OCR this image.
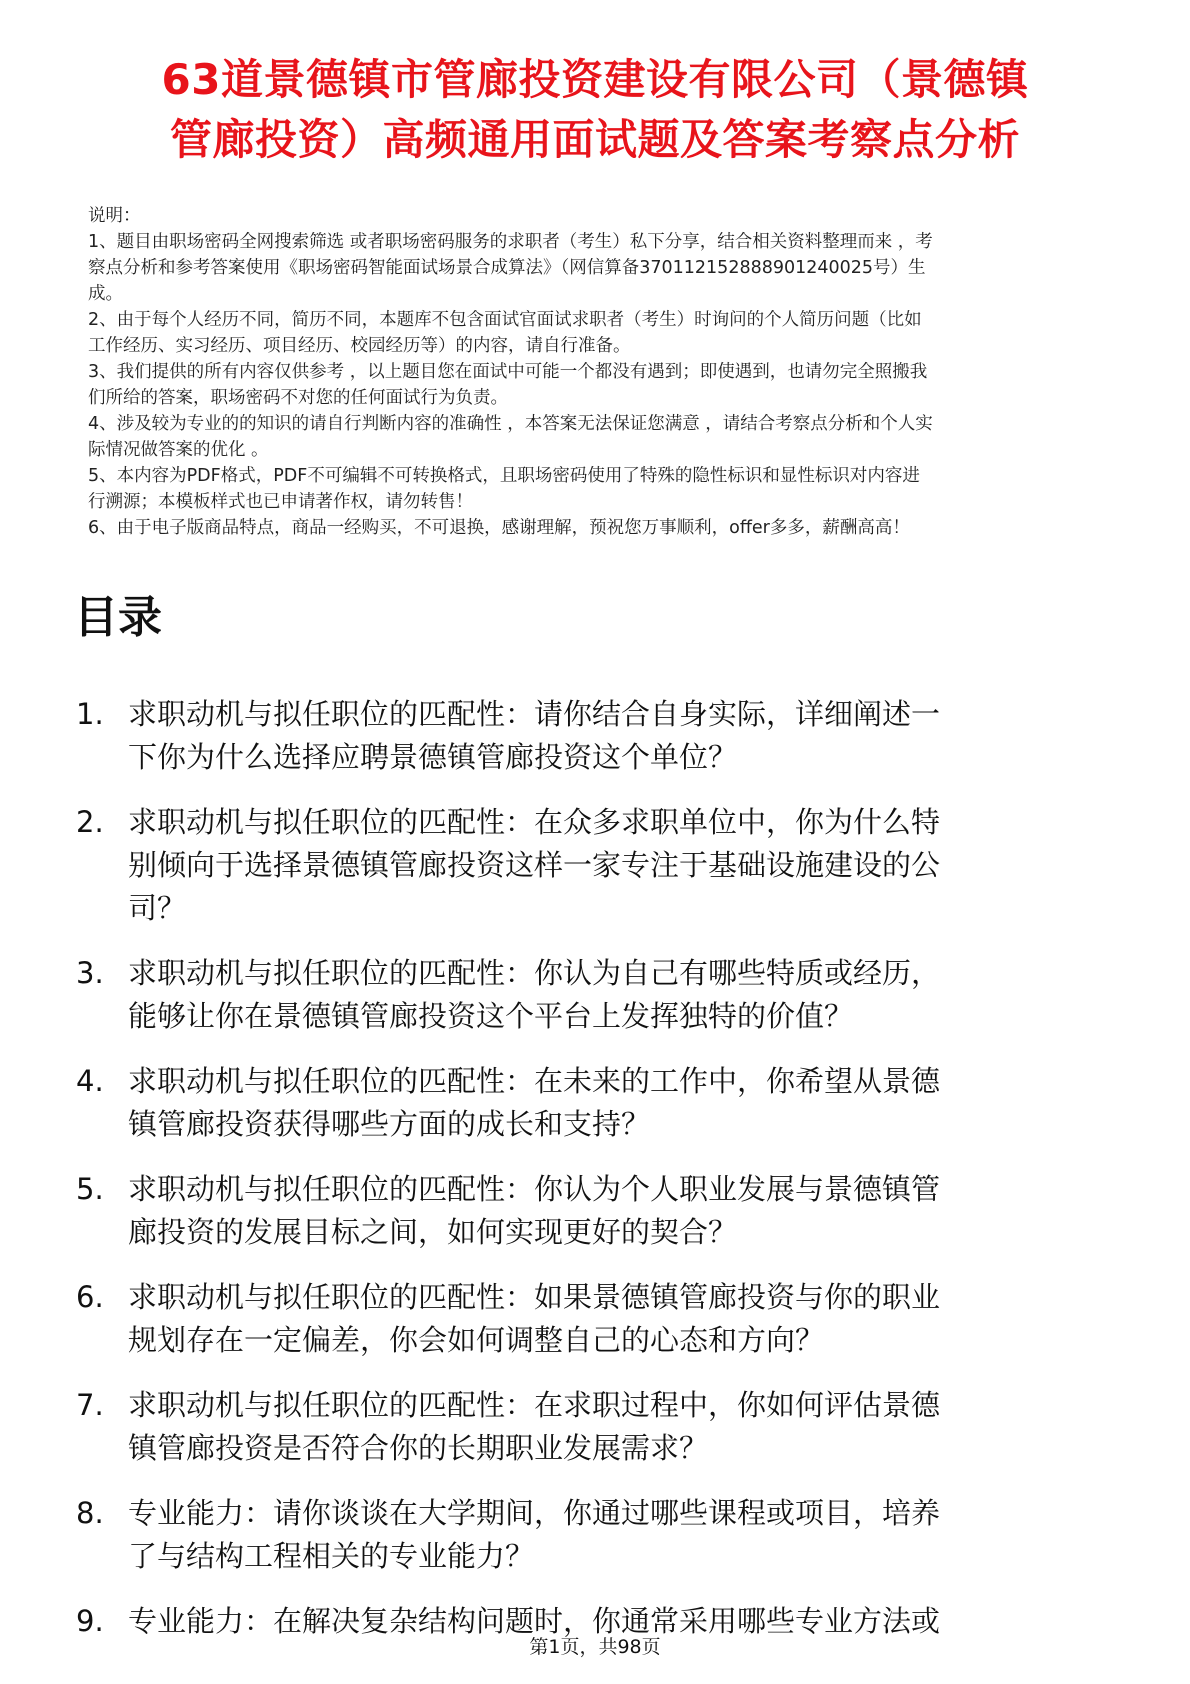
63道景德镇市管廊投资建设有限公司（景德镇
管廊投资）高频通用面试题及答案考察点分析
说明：
1、题目由职场密码全网搜索筛选 或者职场密码服务的求职者（考生）私下分享，结合相关资料整理而来 ，考
察点分析和参考答案使用《职场密码智能面试场景合成算法》（网信算备370112152888901240025号）生
成。
2、由于每个人经历不同，简历不同，本题库不包含面试官面试求职者（考生）时询问的个人简历问题（比如
工作经历、实习经历、项目经历、校园经历等）的内容，请自行准备。
3、我们提供的所有内容仅供参考 ，以上题目您在面试中可能一个都没有遇到；即使遇到，也请勿完全照搬我
们所给的答案，职场密码不对您的任何面试行为负责。
4、涉及较为专业的的知识的请自行判断内容的准确性 ，本答案无法保证您满意 ，请结合考察点分析和个人实
际情况做答案的优化 。
5、本内容为PDF格式，PDF不可编辑不可转换格式，且职场密码使用了特殊的隐性标识和显性标识对内容进
行溯源；本模板样式也已申请著作权，请勿转售！
6、由于电子版商品特点，商品一经购买，不可退换，感谢理解，预祝您万事顺利，offer多多，薪酬高高！
目录
1. 求职动机与拟任职位的匹配性：请你结合自身实际，详细阐述一
下你为什么选择应聘景德镇管廊投资这个单位？
2. 求职动机与拟任职位的匹配性：在众多求职单位中，你为什么特
别倾向于选择景德镇管廊投资这样一家专注于基础设施建设的公
司？
3. 求职动机与拟任职位的匹配性：你认为自己有哪些特质或经历，
能够让你在景德镇管廊投资这个平台上发挥独特的价值？
4. 求职动机与拟任职位的匹配性：在未来的工作中，你希望从景德
镇管廊投资获得哪些方面的成长和支持？
5. 求职动机与拟任职位的匹配性：你认为个人职业发展与景德镇管
廊投资的发展目标之间，如何实现更好的契合？
6. 求职动机与拟任职位的匹配性：如果景德镇管廊投资与你的职业
规划存在一定偏差，你会如何调整自己的心态和方向？
7. 求职动机与拟任职位的匹配性：在求职过程中，你如何评估景德
镇管廊投资是否符合你的长期职业发展需求？
8. 专业能力：请你谈谈在大学期间，你通过哪些课程或项目，培养
了与结构工程相关的专业能力？
9. 专业能力：在解决复杂结构问题时，你通常采用哪些专业方法或
第1页，共98页
